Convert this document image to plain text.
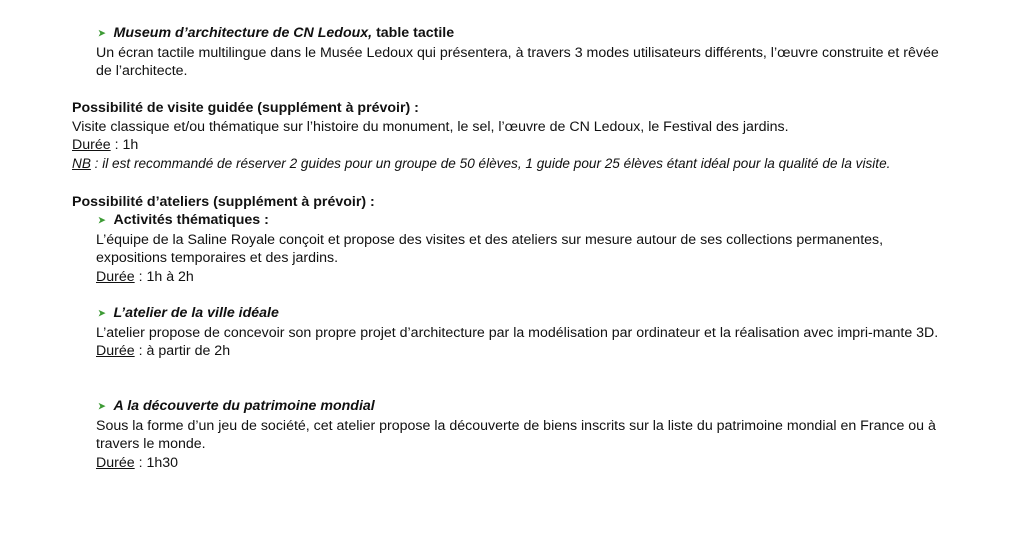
➤ Museum d’architecture de CN Ledoux, table tactile

Un écran tactile multilingue dans le Musée Ledoux qui présentera, à travers 3 modes utilisateurs différents, l’œuvre construite et rêvée de l’architecte.

Possibilité de visite guidée (supplément à prévoir) :

Visite classique et/ou thématique sur l’histoire du monument, le sel, l’œuvre de CN Ledoux, le Festival des jardins.

Durée : 1h

NB : il est recommandé de réserver 2 guides pour un groupe de 50 élèves, 1 guide pour 25 élèves étant idéal pour la qualité de la visite.

Possibilité d’ateliers (supplément à prévoir) :

➤ Activités thématiques :

L’équipe de la Saline Royale conçoit et propose des visites et des ateliers sur mesure autour de ses collections permanentes, expositions temporaires et des jardins.

Durée : 1h à 2h

➤ L’atelier de la ville idéale

L’atelier propose de concevoir son propre projet d’architecture par la modélisation par ordinateur et la réalisation avec impri-mante 3D.

Durée : à partir de 2h

➤ A la découverte du patrimoine mondial

Sous la forme d’un jeu de société, cet atelier propose la découverte de biens inscrits sur la liste du patrimoine mondial en France ou à travers le monde.

Durée : 1h30
